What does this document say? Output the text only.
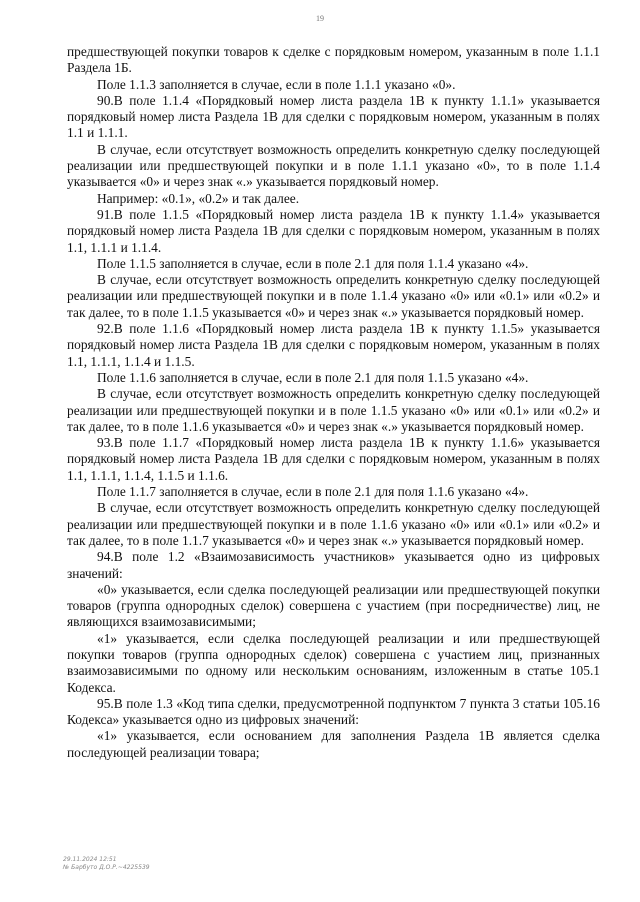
19

предшествующей покупки товаров к сделке с порядковым номером, указанным в поле 1.1.1 Раздела 1Б.

Поле 1.1.3 заполняется в случае, если в поле 1.1.1 указано «0».

90.В поле 1.1.4 «Порядковый номер листа раздела 1В к пункту 1.1.1» указывается порядковый номер листа Раздела 1В для сделки с порядковым номером, указанным в полях 1.1 и 1.1.1.

В случае, если отсутствует возможность определить конкретную сделку последующей реализации или предшествующей покупки и в поле 1.1.1 указано «0», то в поле 1.1.4 указывается «0» и через знак «.» указывается порядковый номер.

Например: «0.1», «0.2» и так далее.

91.В поле 1.1.5 «Порядковый номер листа раздела 1В к пункту 1.1.4» указывается порядковый номер листа Раздела 1В для сделки с порядковым номером, указанным в полях 1.1, 1.1.1 и 1.1.4.

Поле 1.1.5 заполняется в случае, если в поле 2.1 для поля 1.1.4 указано «4».

В случае, если отсутствует возможность определить конкретную сделку последующей реализации или предшествующей покупки и в поле 1.1.4 указано «0» или «0.1» или «0.2» и так далее, то в поле 1.1.5 указывается «0» и через знак «.» указывается порядковый номер.

92.В поле 1.1.6 «Порядковый номер листа раздела 1В к пункту 1.1.5» указывается порядковый номер листа Раздела 1В для сделки с порядковым номером, указанным в полях 1.1, 1.1.1, 1.1.4 и 1.1.5.

Поле 1.1.6 заполняется в случае, если в поле 2.1 для поля 1.1.5 указано «4».

В случае, если отсутствует возможность определить конкретную сделку последующей реализации или предшествующей покупки и в поле 1.1.5 указано «0» или «0.1» или «0.2» и так далее, то в поле 1.1.6 указывается «0» и через знак «.» указывается порядковый номер.

93.В поле 1.1.7 «Порядковый номер листа раздела 1В к пункту 1.1.6» указывается порядковый номер листа Раздела 1В для сделки с порядковым номером, указанным в полях 1.1, 1.1.1, 1.1.4, 1.1.5 и 1.1.6.

Поле 1.1.7 заполняется в случае, если в поле 2.1 для поля 1.1.6 указано «4».

В случае, если отсутствует возможность определить конкретную сделку последующей реализации или предшествующей покупки и в поле 1.1.6 указано «0» или «0.1» или «0.2» и так далее, то в поле 1.1.7 указывается «0» и через знак «.» указывается порядковый номер.

94.В поле 1.2 «Взаимозависимость участников» указывается одно из цифровых значений:

«0» указывается, если сделка последующей реализации или предшествующей покупки товаров (группа однородных сделок) совершена с участием (при посредничестве) лиц, не являющихся взаимозависимыми;

«1» указывается, если сделка последующей реализации и или предшествующей покупки товаров (группа однородных сделок) совершена с участием лиц, признанных взаимозависимыми по одному или нескольким основаниям, изложенным в статье 105.1 Кодекса.

95.В поле 1.3 «Код типа сделки, предусмотренной подпунктом 7 пункта 3 статьи 105.16 Кодекса» указывается одно из цифровых значений:

«1» указывается, если основанием для заполнения Раздела 1В является сделка последующей реализации товара;

29.11.2024 12:51
№ Барбуто Д.О.Р.~4225539
